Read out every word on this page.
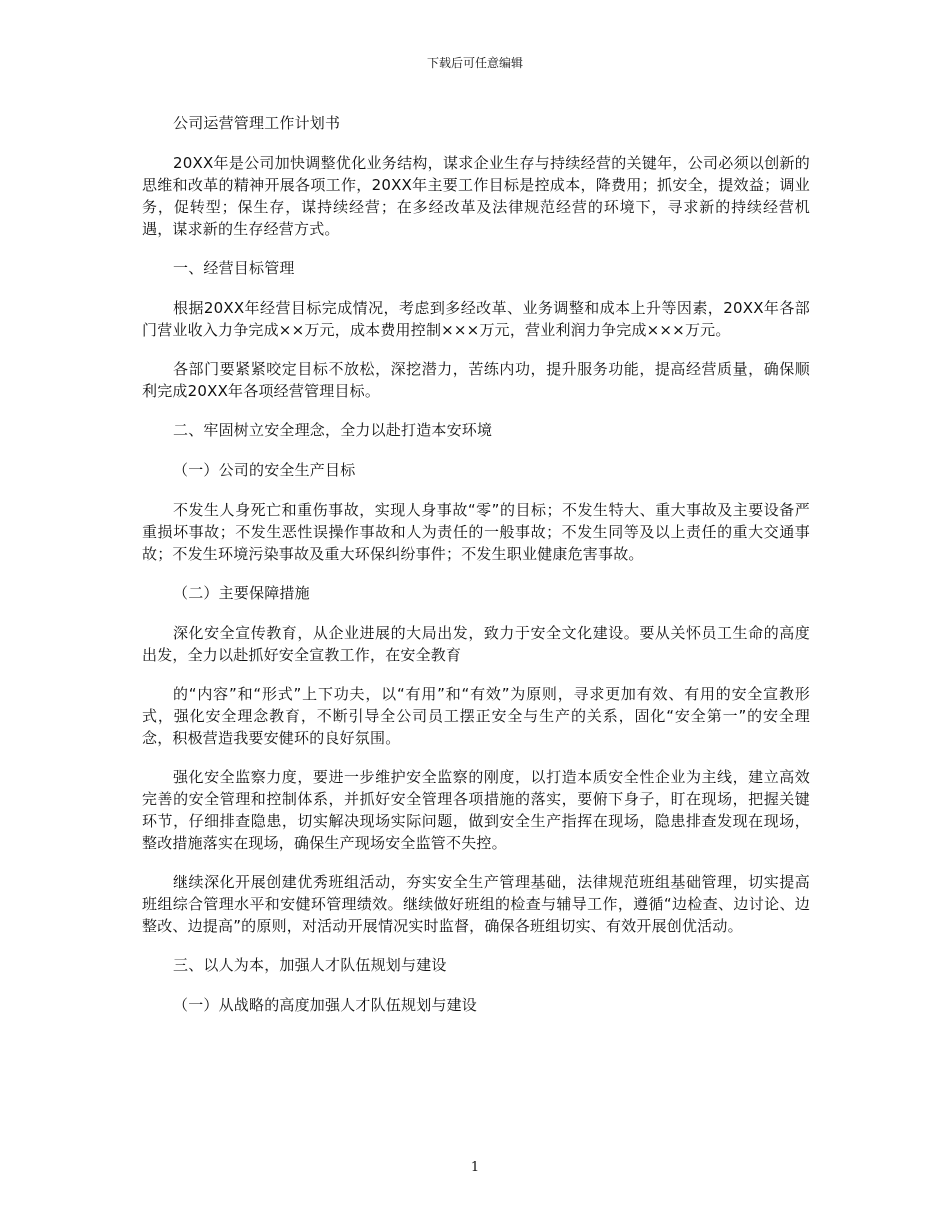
下载后可任意编辑

公司运营管理工作计划书

20XX年是公司加快调整优化业务结构，谋求企业生存与持续经营的关键年，公司必须以创新的思维和改革的精神开展各项工作，20XX年主要工作目标是控成本，降费用；抓安全，提效益；调业务，促转型；保生存，谋持续经营；在多经改革及法律规范经营的环境下，寻求新的持续经营机遇，谋求新的生存经营方式。

一、经营目标管理

根据20XX年经营目标完成情况，考虑到多经改革、业务调整和成本上升等因素，20XX年各部门营业收入力争完成××万元，成本费用控制×××万元，营业利润力争完成×××万元。

各部门要紧紧咬定目标不放松，深挖潜力，苦练内功，提升服务功能，提高经营质量，确保顺利完成20XX年各项经营管理目标。

二、牢固树立安全理念，全力以赴打造本安环境

（一）公司的安全生产目标

不发生人身死亡和重伤事故，实现人身事故“零”的目标；不发生特大、重大事故及主要设备严重损坏事故；不发生恶性误操作事故和人为责任的一般事故；不发生同等及以上责任的重大交通事故；不发生环境污染事故及重大环保纠纷事件；不发生职业健康危害事故。

（二）主要保障措施

深化安全宣传教育，从企业进展的大局出发，致力于安全文化建设。要从关怀员工生命的高度出发，全力以赴抓好安全宣教工作，在安全教育

的“内容”和“形式”上下功夫，以“有用”和“有效”为原则，寻求更加有效、有用的安全宣教形式，强化安全理念教育，不断引导全公司员工摆正安全与生产的关系，固化“安全第一”的安全理念，积极营造我要安健环的良好氛围。

强化安全监察力度，要进一步维护安全监察的刚度，以打造本质安全性企业为主线，建立高效完善的安全管理和控制体系，并抓好安全管理各项措施的落实，要俯下身子，盯在现场，把握关键环节，仔细排查隐患，切实解决现场实际问题，做到安全生产指挥在现场，隐患排查发现在现场，整改措施落实在现场，确保生产现场安全监管不失控。

继续深化开展创建优秀班组活动，夯实安全生产管理基础，法律规范班组基础管理，切实提高班组综合管理水平和安健环管理绩效。继续做好班组的检查与辅导工作，遵循“边检查、边讨论、边整改、边提高”的原则，对活动开展情况实时监督，确保各班组切实、有效开展创优活动。

三、以人为本，加强人才队伍规划与建设

（一）从战略的高度加强人才队伍规划与建设

1
